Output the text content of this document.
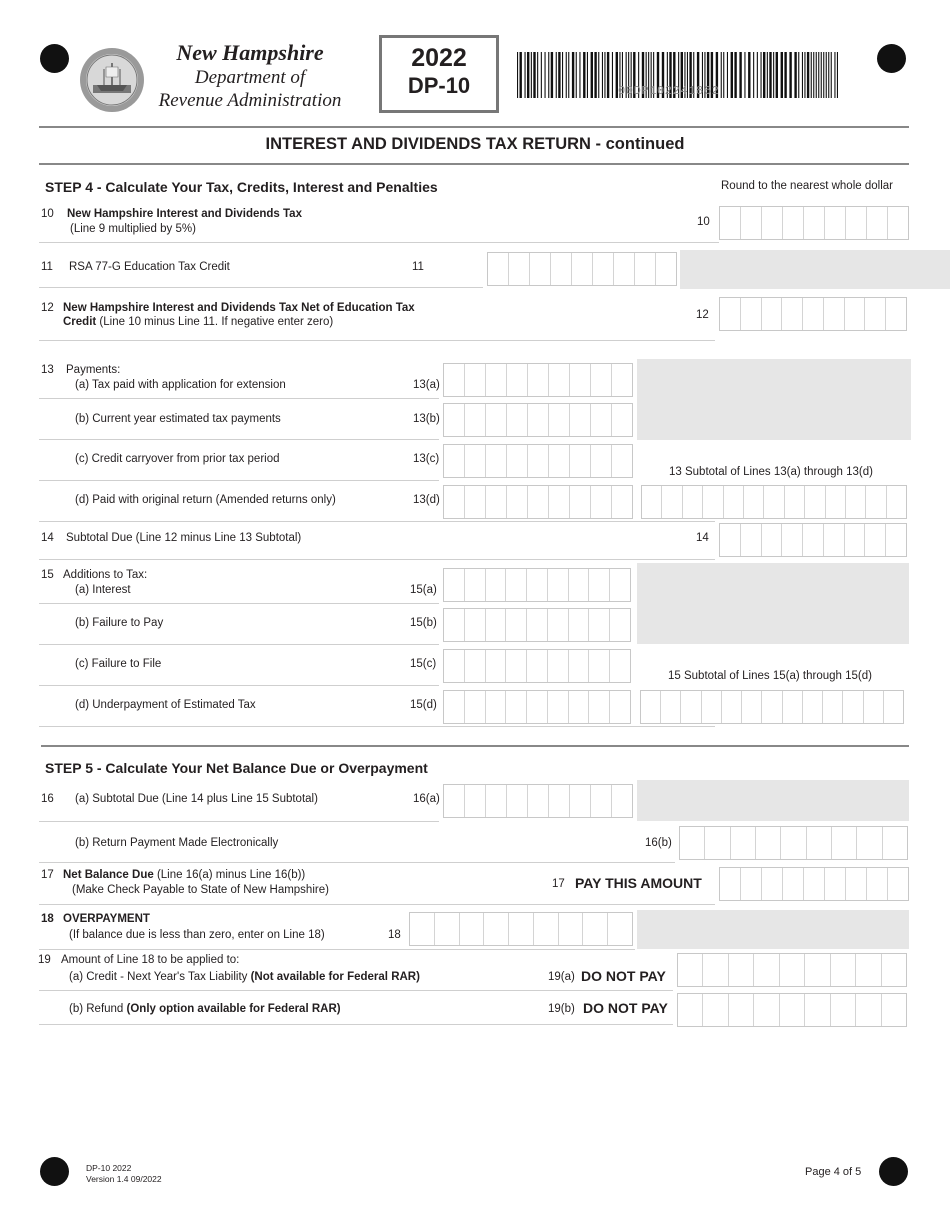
New Hampshire
Department of
Revenue Administration
2022
DP-10	00DP102241862
INTEREST AND DIVIDENDS TAX RETURN - continued
STEP 4 - Calculate Your Tax, Credits, Interest and Penalties	Round to the nearest whole dollar
10 New Hampshire Interest and Dividends Tax
(Line 9 multiplied by 5%)
10
11 RSA 77-G Education Tax Credit	11
12 New Hampshire Interest and Dividends Tax Net of Education Tax
Credit (Line 10 minus Line 11. If negative enter zero)
12
13 Payments:
(a) Tax paid with application for extension	13(a)
(b) Current year estimated tax payments	13(b)
(c) Credit carryover from prior tax period	13(c)
13 Subtotal of Lines 13(a) through 13(d)
(d) Paid with original return (Amended returns only)	13(d)
14 Subtotal Due (Line 12 minus Line 13 Subtotal)	14
15 Additions to Tax:
(a) Interest	15(a)
(b) Failure to Pay	15(b)
(c) Failure to File	15(c)
15 Subtotal of Lines 15(a) through 15(d)
(d) Underpayment of Estimated Tax	15(d)
STEP 5 - Calculate Your Net Balance Due or Overpayment
16 (a) Subtotal Due (Line 14 plus Line 15 Subtotal)	16(a)
(b) Return Payment Made Electronically	16(b)
17 Net Balance Due (Line 16(a) minus Line 16(b))
(Make Check Payable to State of New Hampshire)	17 PAY THIS AMOUNT
18 OVERPAYMENT
(If balance due is less than zero, enter on Line 18)	18
19 Amount of Line 18 to be applied to:
(a) Credit - Next Year's Tax Liability (Not available for Federal RAR)	19(a) DO NOT PAY
(b) Refund (Only option available for Federal RAR)	19(b) DO NOT PAY
DP-10 2022
Version 1.4 09/2022
Page 4 of 5
